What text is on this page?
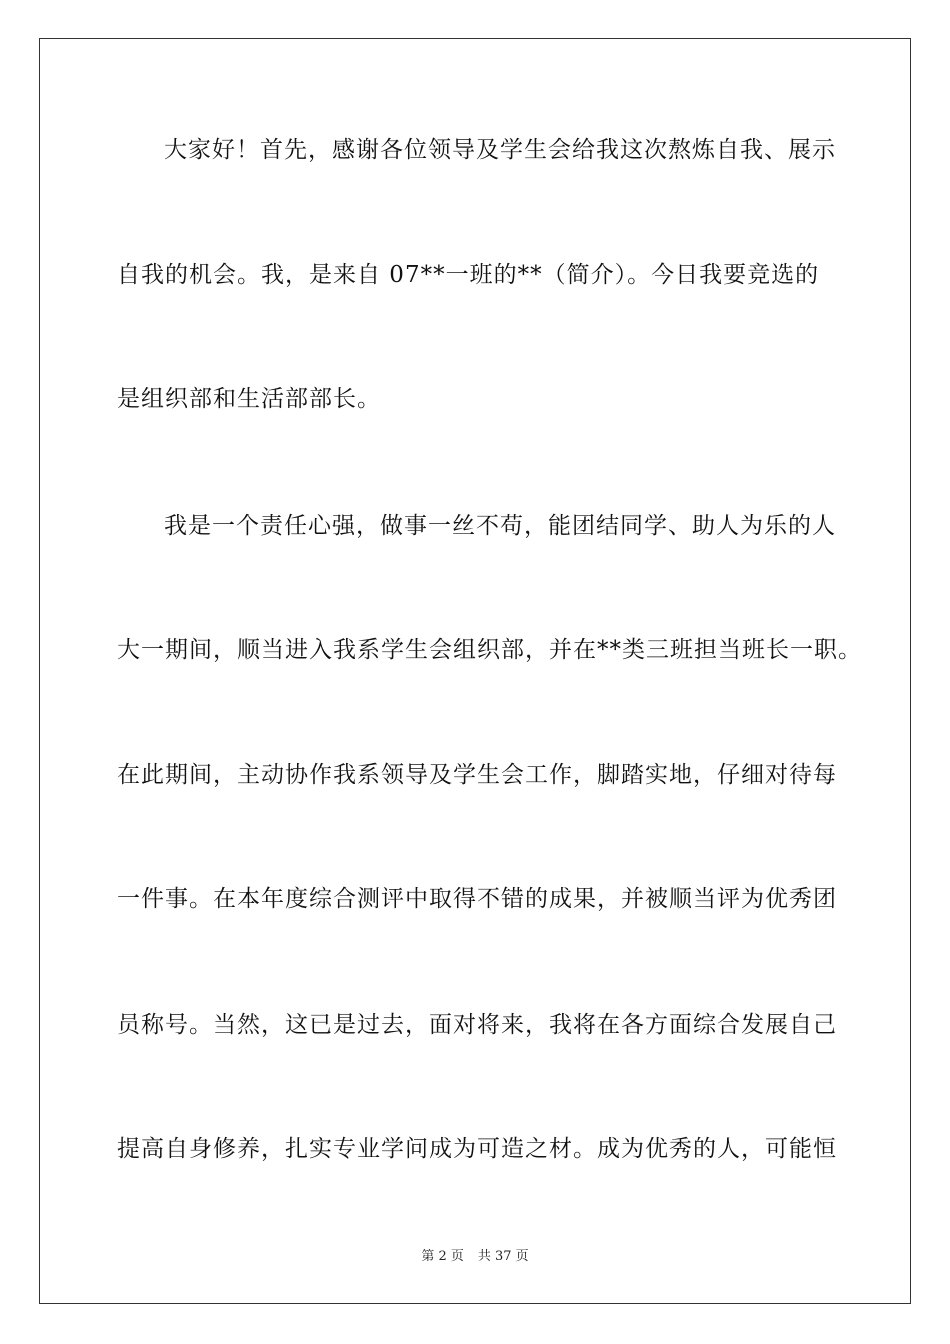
大家好！首先，感谢各位领导及学生会给我这次熬炼自我、展示
自我的机会。我，是来自 07**一班的**（简介）。今日我要竞选的
是组织部和生活部部长。
我是一个责任心强，做事一丝不苟，能团结同学、助人为乐的人
大一期间，顺当进入我系学生会组织部，并在**类三班担当班长一职。
在此期间，主动协作我系领导及学生会工作，脚踏实地，仔细对待每
一件事。在本年度综合测评中取得不错的成果，并被顺当评为优秀团
员称号。当然，这已是过去，面对将来，我将在各方面综合发展自己
提高自身修养，扎实专业学问成为可造之材。成为优秀的人，可能恒
第 2 页 共 37 页
